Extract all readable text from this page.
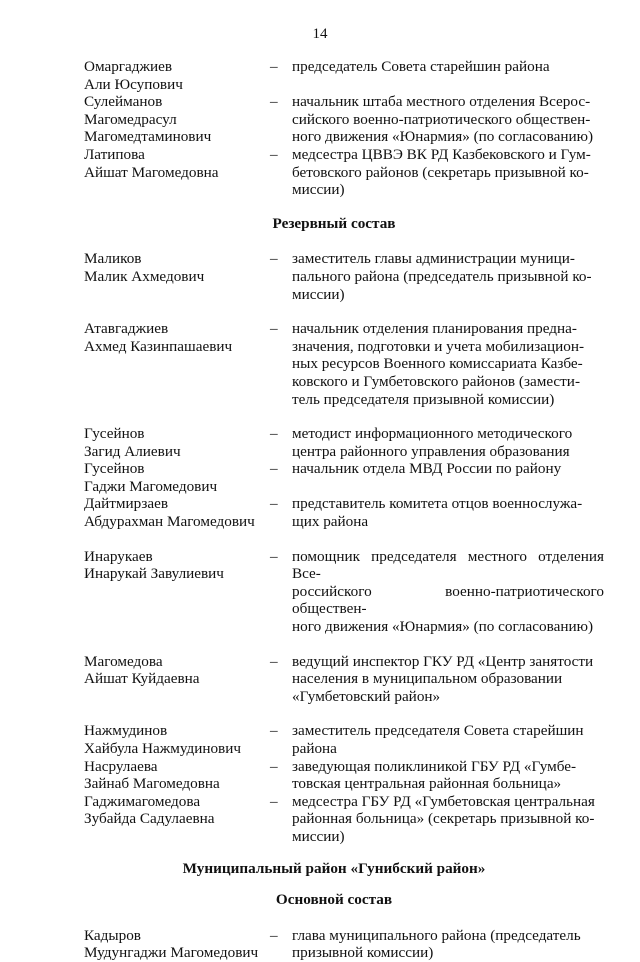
14
Омаргаджиев
Али Юсупович
– председатель Совета старейшин района
Сулейманов
Магомедрасул
Магомедтаминович
– начальник штаба местного отделения Всерос-
сийского военно-патриотического обществен-
ного движения «Юнармия» (по согласованию)
Латипова
Айшат Магомедовна
– медсестра ЦВВЭ ВК РД Казбековского и Гум-
бетовского районов (секретарь призывной ко-
миссии)
Резервный состав
Маликов
Малик Ахмедович
– заместитель главы администрации муници-
пального района (председатель призывной ко-
миссии)
Атавгаджиев
Ахмед Казинпашаевич
– начальник отделения планирования предна-
значения, подготовки и учета мобилизацион-
ных ресурсов Военного комиссариата Казбе-
ковского и Гумбетовского районов (замести-
тель председателя призывной комиссии)
Гусейнов
Загид Алиевич
– методист информационного методического
центра районного управления образования
Гусейнов
Гаджи Магомедович
– начальник отдела МВД России по району
Дайтмирзаев
Абдурахман Магомедович
– представитель комитета отцов военнослужа-
щих района
Инарукаев
Инарукай Завулиевич
– помощник председателя местного отделения Все-
российского военно-патриотического обществен-
ного движения «Юнармия» (по согласованию)
Магомедова
Айшат Куйдаевна
– ведущий инспектор ГКУ РД «Центр занятости
населения в муниципальном образовании
«Гумбетовский район»
Нажмудинов
Хайбула Нажмудинович
– заместитель председателя Совета старейшин
района
Насрулаева
Зайнаб Магомедовна
– заведующая поликлиникой ГБУ РД «Гумбе-
товская центральная районная больница»
Гаджимагомедова
Зубайда Садулаевна
– медсестра ГБУ РД «Гумбетовская центральная
районная больница» (секретарь призывной ко-
миссии)
Муниципальный район «Гунибский район»
Основной состав
Кадыров
Мудунгаджи Магомедович
– глава муниципального района (председатель
призывной комиссии)
